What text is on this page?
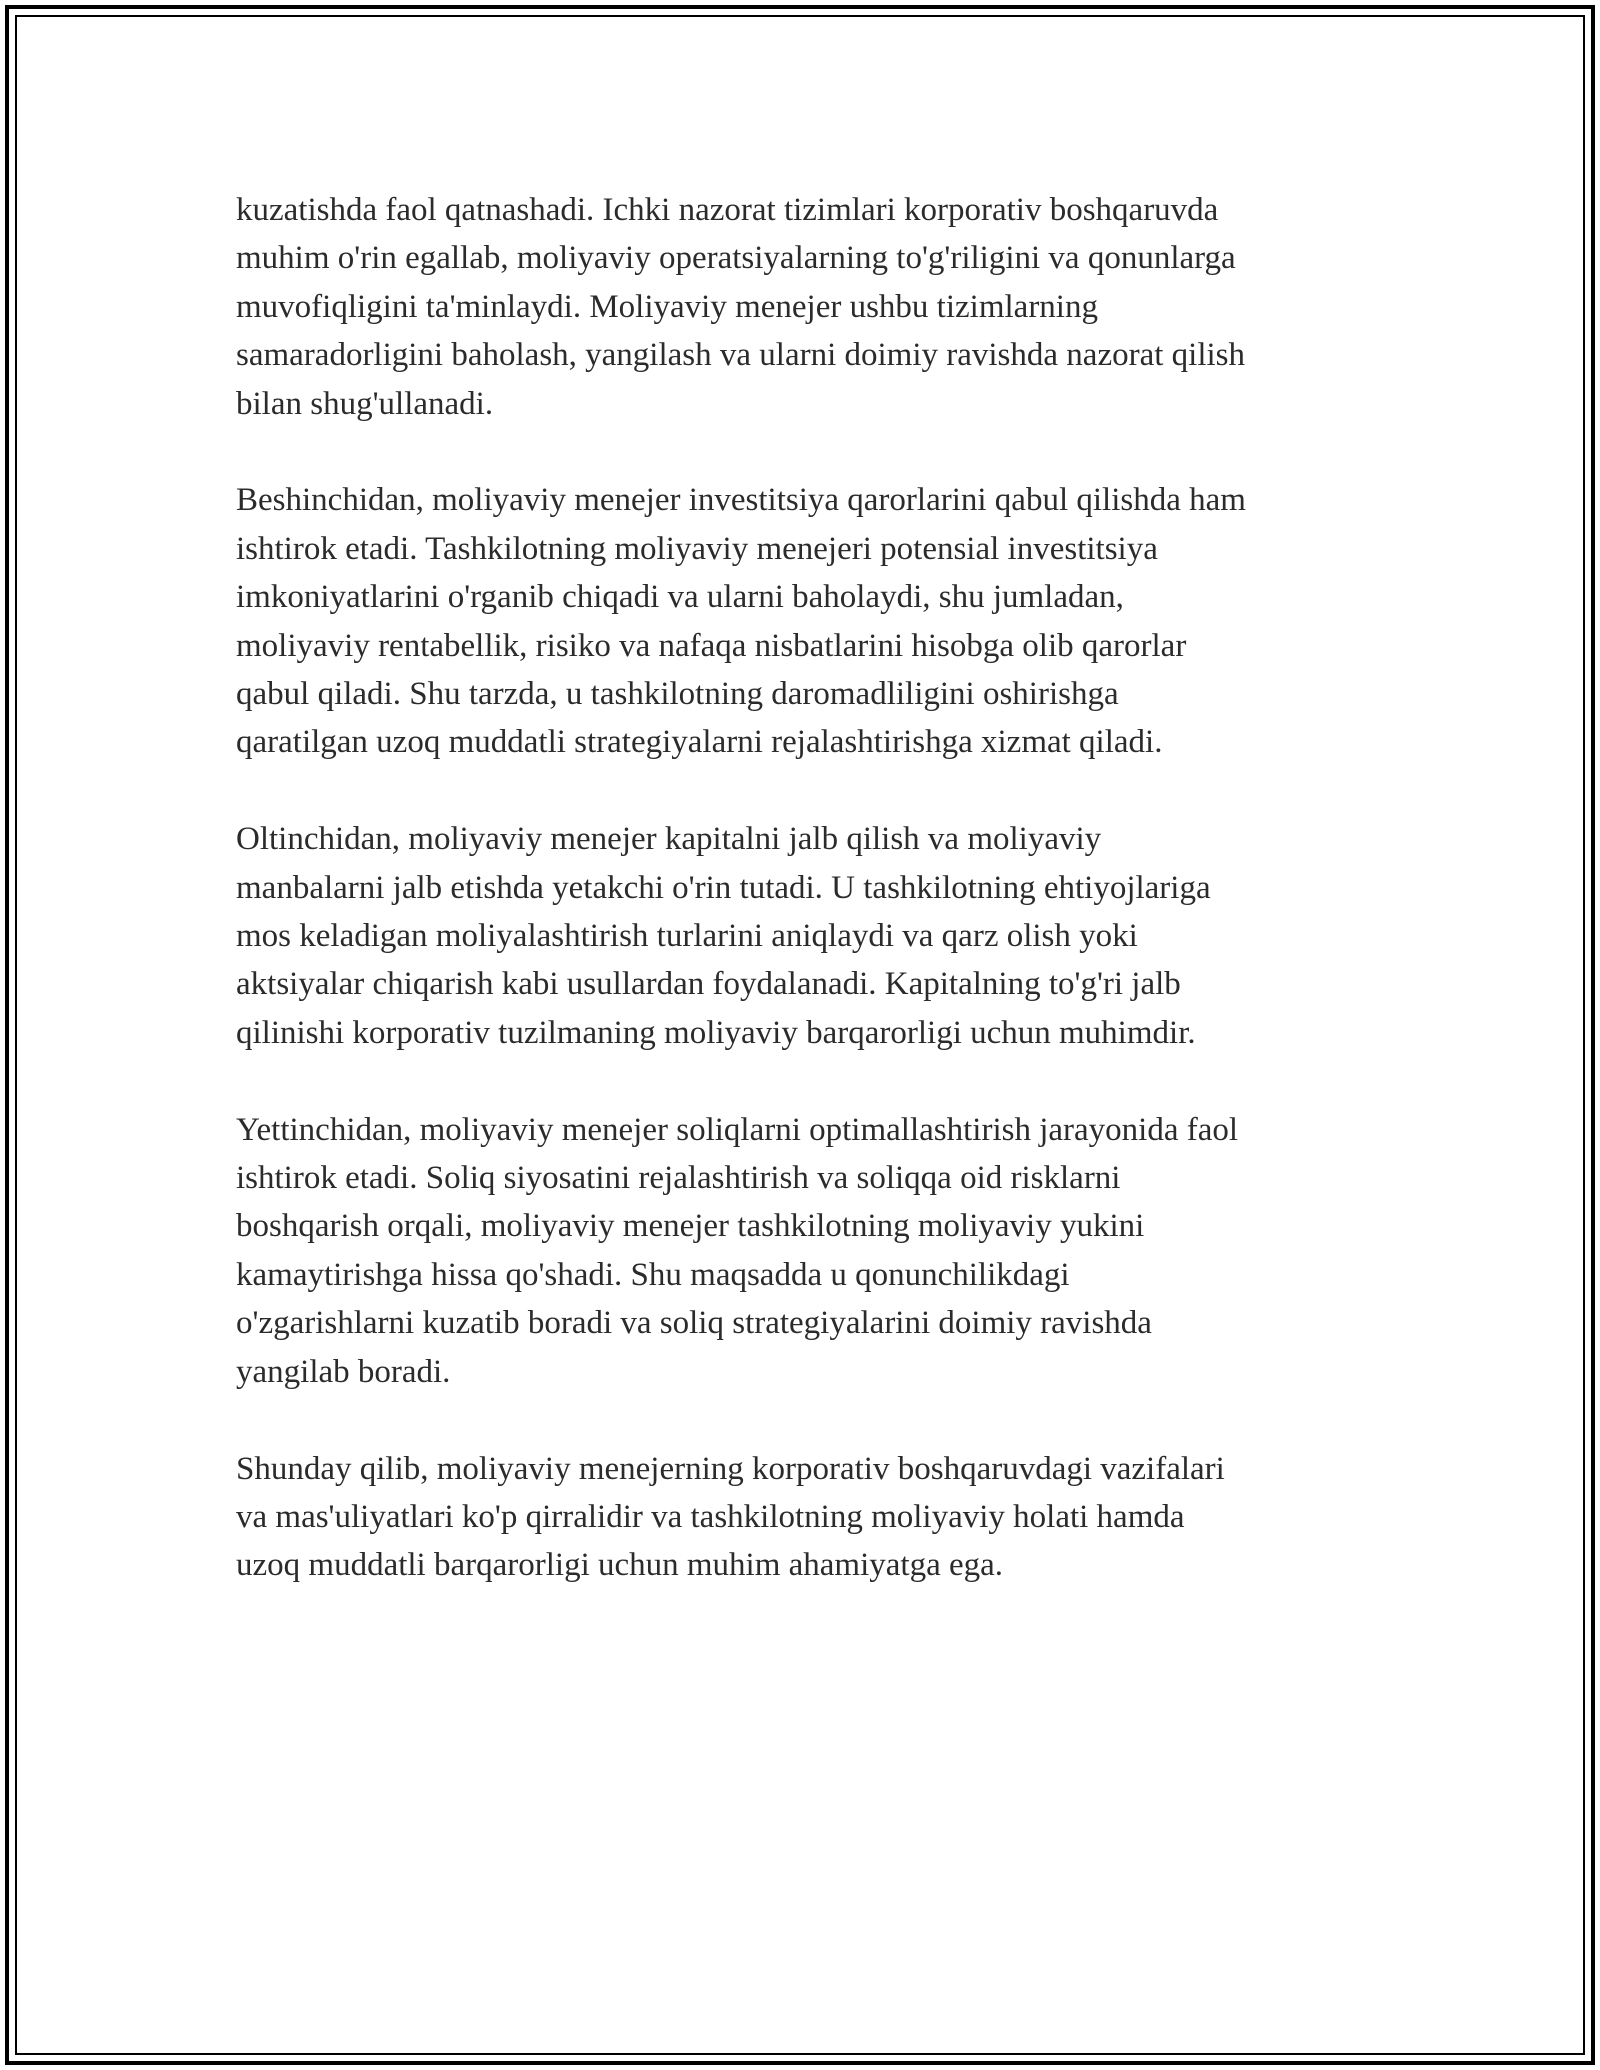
kuzatishda faol qatnashadi. Ichki nazorat tizimlari korporativ boshqaruvda
muhim o'rin egallab, moliyaviy operatsiyalarning to'g'riligini va qonunlarga
muvofiqligini ta'minlaydi. Moliyaviy menejer ushbu tizimlarning
samaradorligini baholash, yangilash va ularni doimiy ravishda nazorat qilish
bilan shug'ullanadi.

Beshinchidan, moliyaviy menejer investitsiya qarorlarini qabul qilishda ham
ishtirok etadi. Tashkilotning moliyaviy menejeri potensial investitsiya
imkoniyatlarini o'rganib chiqadi va ularni baholaydi, shu jumladan,
moliyaviy rentabellik, risiko va nafaqa nisbatlarini hisobga olib qarorlar
qabul qiladi. Shu tarzda, u tashkilotning daromadliligini oshirishga
qaratilgan uzoq muddatli strategiyalarni rejalashtirishga xizmat qiladi.

Oltinchidan, moliyaviy menejer kapitalni jalb qilish va moliyaviy
manbalarni jalb etishda yetakchi o'rin tutadi. U tashkilotning ehtiyojlariga
mos keladigan moliyalashtirish turlarini aniqlaydi va qarz olish yoki
aktsiyalar chiqarish kabi usullardan foydalanadi. Kapitalning to'g'ri jalb
qilinishi korporativ tuzilmaning moliyaviy barqarorligi uchun muhimdir.

Yettinchidan, moliyaviy menejer soliqlarni optimallashtirish jarayonida faol
ishtirok etadi. Soliq siyosatini rejalashtirish va soliqqa oid risklarni
boshqarish orqali, moliyaviy menejer tashkilotning moliyaviy yukini
kamaytirishga hissa qo'shadi. Shu maqsadda u qonunchilikdagi
o'zgarishlarni kuzatib boradi va soliq strategiyalarini doimiy ravishda
yangilab boradi.

Shunday qilib, moliyaviy menejerning korporativ boshqaruvdagi vazifalari
va mas'uliyatlari ko'p qirralidir va tashkilotning moliyaviy holati hamda
uzoq muddatli barqarorligi uchun muhim ahamiyatga ega.
